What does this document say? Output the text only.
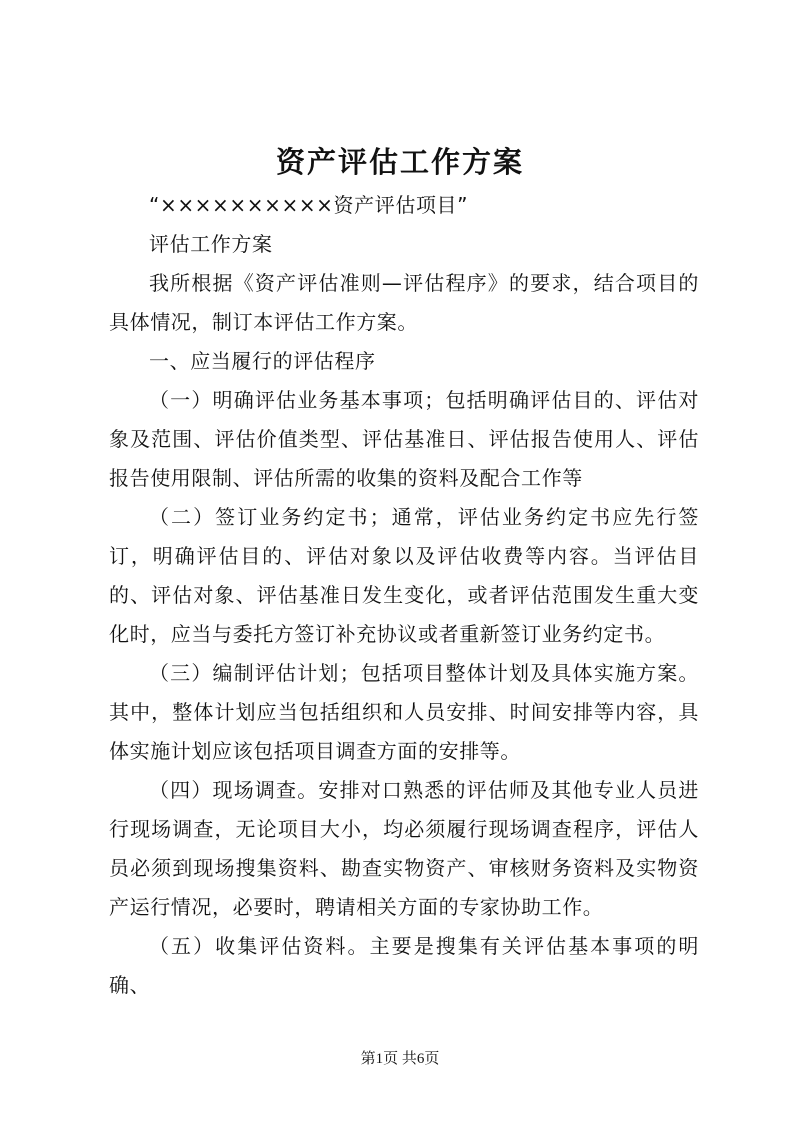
资产评估工作方案

“××××××××××资产评估项目”

评估工作方案

我所根据《资产评估准则—评估程序》的要求，结合项目的具体情况，制订本评估工作方案。

一、应当履行的评估程序

（一）明确评估业务基本事项；包括明确评估目的、评估对象及范围、评估价值类型、评估基准日、评估报告使用人、评估报告使用限制、评估所需的收集的资料及配合工作等

（二）签订业务约定书；通常，评估业务约定书应先行签订，明确评估目的、评估对象以及评估收费等内容。当评估目的、评估对象、评估基准日发生变化，或者评估范围发生重大变化时，应当与委托方签订补充协议或者重新签订业务约定书。

（三）编制评估计划；包括项目整体计划及具体实施方案。其中，整体计划应当包括组织和人员安排、时间安排等内容，具体实施计划应该包括项目调查方面的安排等。

（四）现场调查。安排对口熟悉的评估师及其他专业人员进行现场调查，无论项目大小，均必须履行现场调查程序，评估人员必须到现场搜集资料、勘查实物资产、审核财务资料及实物资产运行情况，必要时，聘请相关方面的专家协助工作。

（五）收集评估资料。主要是搜集有关评估基本事项的明确、

第1页 共6页
